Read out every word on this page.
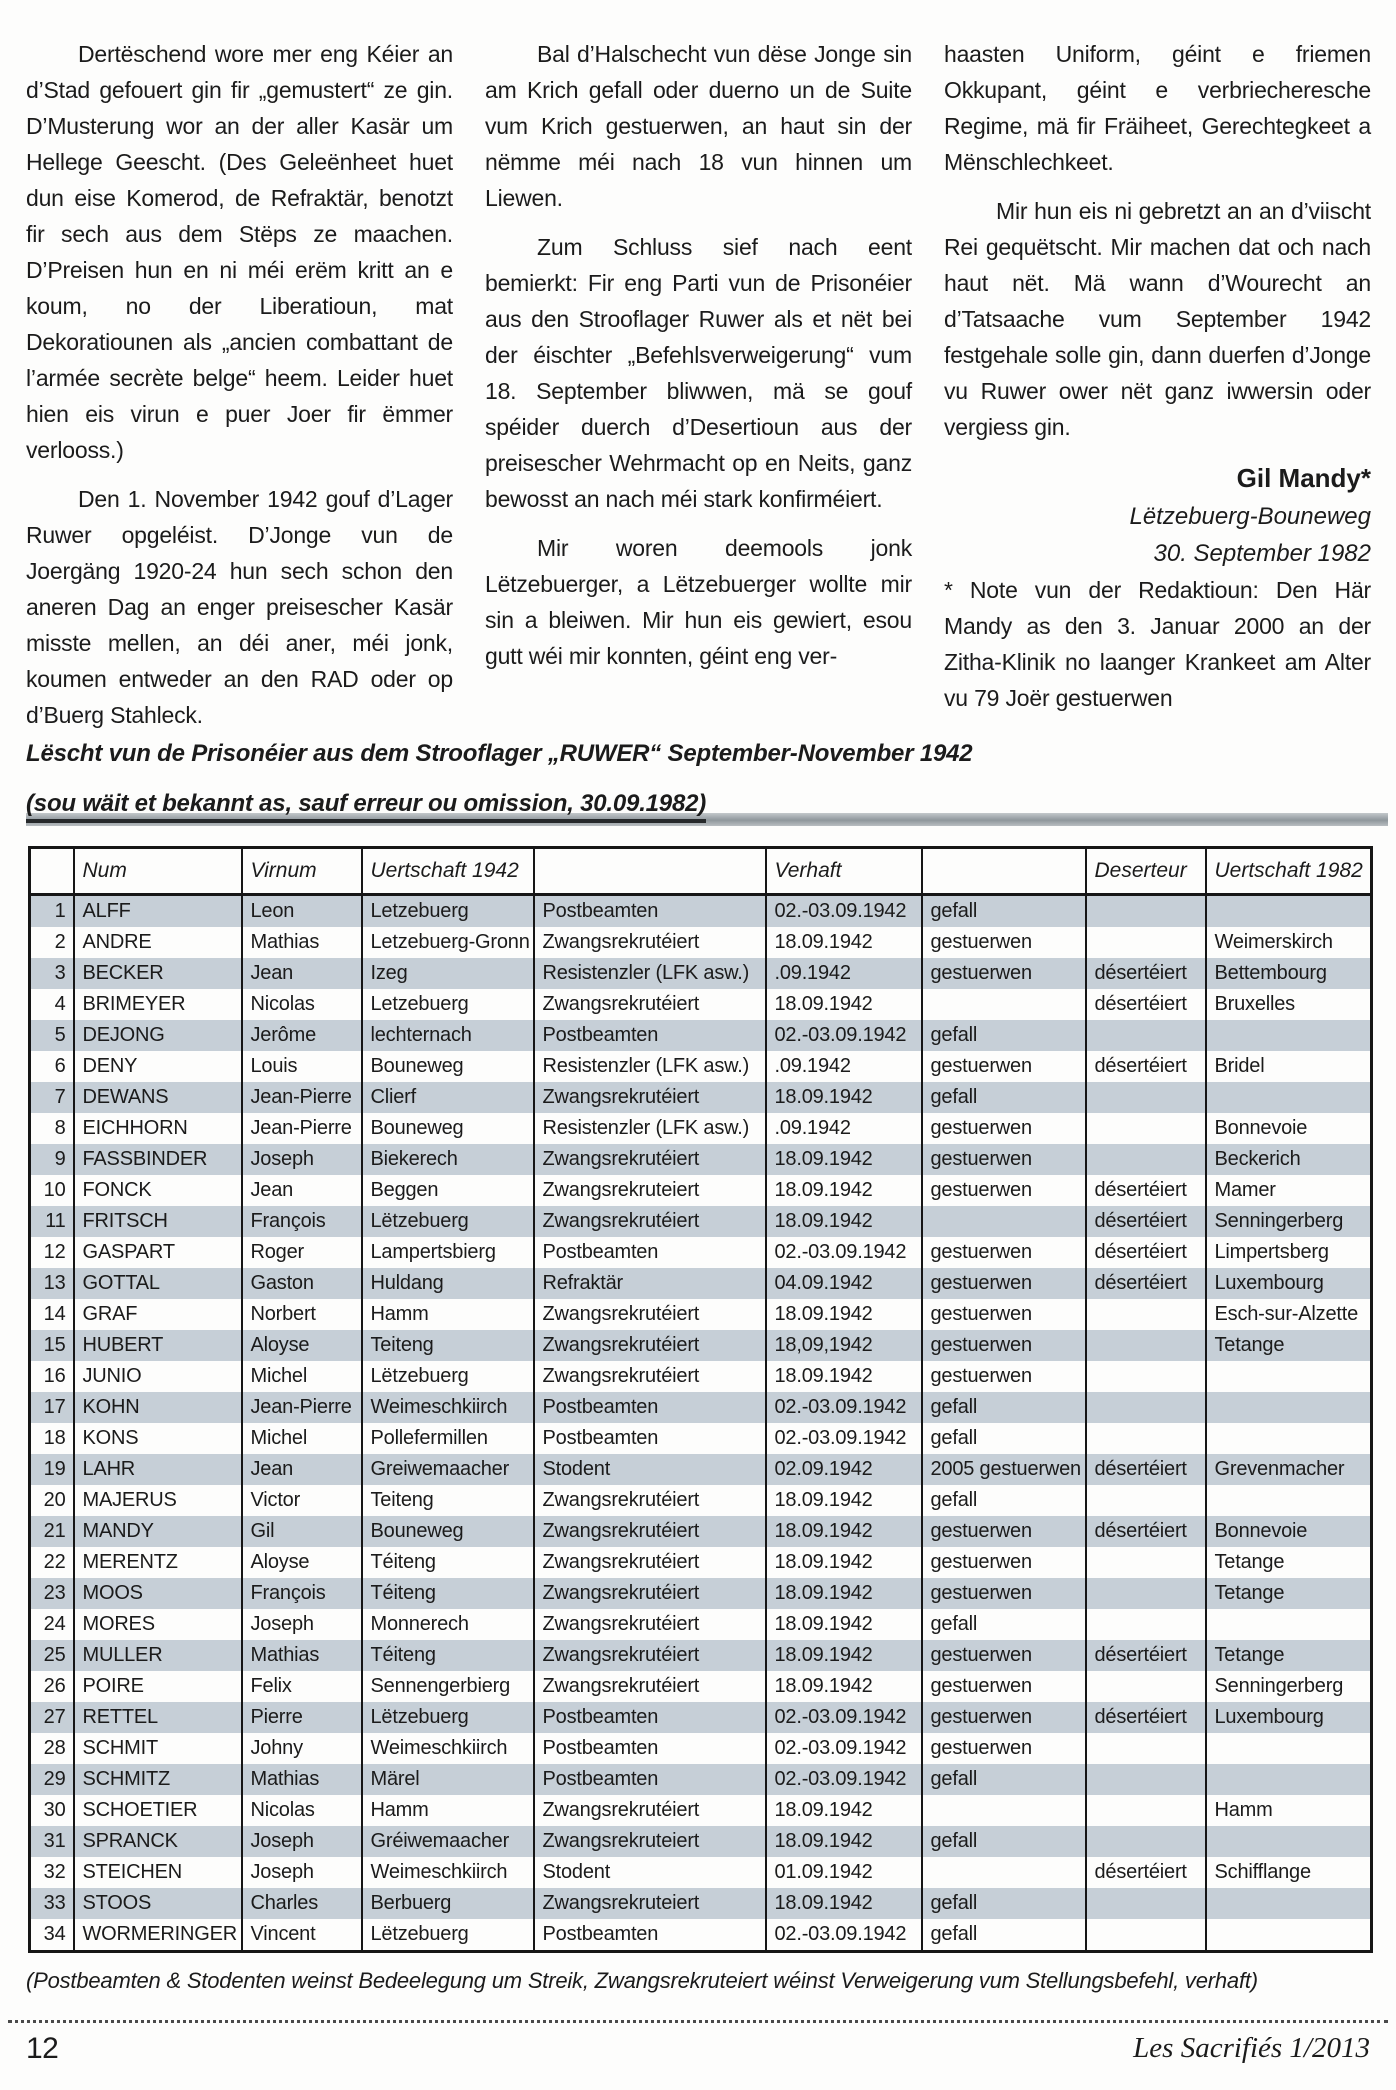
Dertëschend wore mer eng Kéier an d’Stad gefouert gin fir „gemustert“ ze gin. D’Musterung wor an der aller Kasär um Hellege Geescht. (Des Geleënheet huet dun eise Komerod, de Refraktär, benotzt fir sech aus dem Stëps ze maachen. D’Preisen hun en ni méi erëm kritt an e koum, no der Liberatioun, mat Dekoratiounen als „ancien combattant de l’armée secrète belge“ heem. Leider huet hien eis virun e puer Joer fir ëmmer verlooss.)

Den 1. November 1942 gouf d’Lager Ruwer opgeléist. D’Jonge vun de Joergäng 1920-24 hun sech schon den aneren Dag an enger preisescher Kasär misste mellen, an déi aner, méi jonk, koumen entweder an den RAD oder op d’Buerg Stahleck.

Bal d’Halschecht vun dëse Jonge sin am Krich gefall oder duerno un de Suite vum Krich gestuerwen, an haut sin der nëmme méi nach 18 vun hinnen um Liewen.

Zum Schluss sief nach eent bemierkt: Fir eng Parti vun de Prisonéier aus den Strooflager Ruwer als et nët bei der éischter „Befehlsverweigerung“ vum 18. September bliwwen, mä se gouf spéider duerch d’Desertioun aus der preisescher Wehrmacht op en Neits, ganz bewosst an nach méi stark konfirméiert.

Mir woren deemools jonk Lëtzebuerger, a Lëtzebuerger wollte mir sin a bleiwen. Mir hun eis gewiert, esou gutt wéi mir konnten, géint eng ver-

haasten Uniform, géint e friemen Okkupant, géint e verbriecheresche Regime, mä fir Fräiheet, Gerechtegkeet a Mënschlechkeet.

Mir hun eis ni gebretzt an an d’viischt Rei gequëtscht. Mir machen dat och nach haut nët. Mä wann d’Wourecht an d’Tatsaache vum September 1942 festgehale solle gin, dann duerfen d’Jonge vu Ruwer ower nët ganz iwwersin oder vergiess gin.

Gil Mandy*
Lëtzebuerg-Bouneweg
30. September 1982

* Note vun der Redaktioun: Den Här Mandy as den 3. Januar 2000 an der Zitha-Klinik no laanger Krankeet am Alter vu 79 Joër gestuerwen

Lëscht vun de Prisonéier aus dem Strooflager „RUWER“ September-November 1942
(sou wäit et bekannt as, sauf erreur ou omission, 30.09.1982)
	Num	Virnum	Uertschaft 1942		Verhaft		Deserteur	Uertschaft 1982
1	ALFF	Leon	Letzebuerg	Postbeamten	02.-03.09.1942	gefall		
2	ANDRE	Mathias	Letzebuerg-Gronn	Zwangsrekrutéiert	18.09.1942	gestuerwen		Weimerskirch
3	BECKER	Jean	Izeg	Resistenzler (LFK asw.)	.09.1942	gestuerwen	désertéiert	Bettembourg
4	BRIMEYER	Nicolas	Letzebuerg	Zwangsrekrutéiert	18.09.1942		désertéiert	Bruxelles
5	DEJONG	Jerôme	lechternach	Postbeamten	02.-03.09.1942	gefall		
6	DENY	Louis	Bouneweg	Resistenzler (LFK asw.)	.09.1942	gestuerwen	désertéiert	Bridel
7	DEWANS	Jean-Pierre	Clierf	Zwangsrekrutéiert	18.09.1942	gefall		
8	EICHHORN	Jean-Pierre	Bouneweg	Resistenzler (LFK asw.)	.09.1942	gestuerwen		Bonnevoie
9	FASSBINDER	Joseph	Biekerech	Zwangsrekrutéiert	18.09.1942	gestuerwen		Beckerich
10	FONCK	Jean	Beggen	Zwangsrekruteiert	18.09.1942	gestuerwen	désertéiert	Mamer
11	FRITSCH	François	Lëtzebuerg	Zwangsrekrutéiert	18.09.1942		désertéiert	Senningerberg
12	GASPART	Roger	Lampertsbierg	Postbeamten	02.-03.09.1942	gestuerwen	désertéiert	Limpertsberg
13	GOTTAL	Gaston	Huldang	Refraktär	04.09.1942	gestuerwen	désertéiert	Luxembourg
14	GRAF	Norbert	Hamm	Zwangsrekrutéiert	18.09.1942	gestuerwen		Esch-sur-Alzette
15	HUBERT	Aloyse	Teiteng	Zwangsrekrutéiert	18,09,1942	gestuerwen		Tetange
16	JUNIO	Michel	Lëtzebuerg	Zwangsrekrutéiert	18.09.1942	gestuerwen		
17	KOHN	Jean-Pierre	Weimeschkiirch	Postbeamten	02.-03.09.1942	gefall		
18	KONS	Michel	Pollefermillen	Postbeamten	02.-03.09.1942	gefall		
19	LAHR	Jean	Greiwemaacher	Stodent	02.09.1942	2005 gestuerwen	désertéiert	Grevenmacher
20	MAJERUS	Victor	Teiteng	Zwangsrekrutéiert	18.09.1942	gefall		
21	MANDY	Gil	Bouneweg	Zwangsrekrutéiert	18.09.1942	gestuerwen	désertéiert	Bonnevoie
22	MERENTZ	Aloyse	Téiteng	Zwangsrekrutéiert	18.09.1942	gestuerwen		Tetange
23	MOOS	François	Téiteng	Zwangsrekrutéiert	18.09.1942	gestuerwen		Tetange
24	MORES	Joseph	Monnerech	Zwangsrekrutéiert	18.09.1942	gefall		
25	MULLER	Mathias	Téiteng	Zwangsrekrutéiert	18.09.1942	gestuerwen	désertéiert	Tetange
26	POIRE	Felix	Sennengerbierg	Zwangsrekrutéiert	18.09.1942	gestuerwen		Senningerberg
27	RETTEL	Pierre	Lëtzebuerg	Postbeamten	02.-03.09.1942	gestuerwen	désertéiert	Luxembourg
28	SCHMIT	Johny	Weimeschkiirch	Postbeamten	02.-03.09.1942	gestuerwen		
29	SCHMITZ	Mathias	Märel	Postbeamten	02.-03.09.1942	gefall		
30	SCHOETIER	Nicolas	Hamm	Zwangsrekrutéiert	18.09.1942			Hamm
31	SPRANCK	Joseph	Gréiwemaacher	Zwangsrekruteiert	18.09.1942	gefall		
32	STEICHEN	Joseph	Weimeschkiirch	Stodent	01.09.1942		désertéiert	Schifflange
33	STOOS	Charles	Berbuerg	Zwangsrekruteiert	18.09.1942	gefall		
34	WORMERINGER	Vincent	Lëtzebuerg	Postbeamten	02.-03.09.1942	gefall		
(Postbeamten & Stodenten weinst Bedeelegung um Streik, Zwangsrekruteiert wéinst Verweigerung vum Stellungsbefehl, verhaft)
12	Les Sacrifiés 1/2013
